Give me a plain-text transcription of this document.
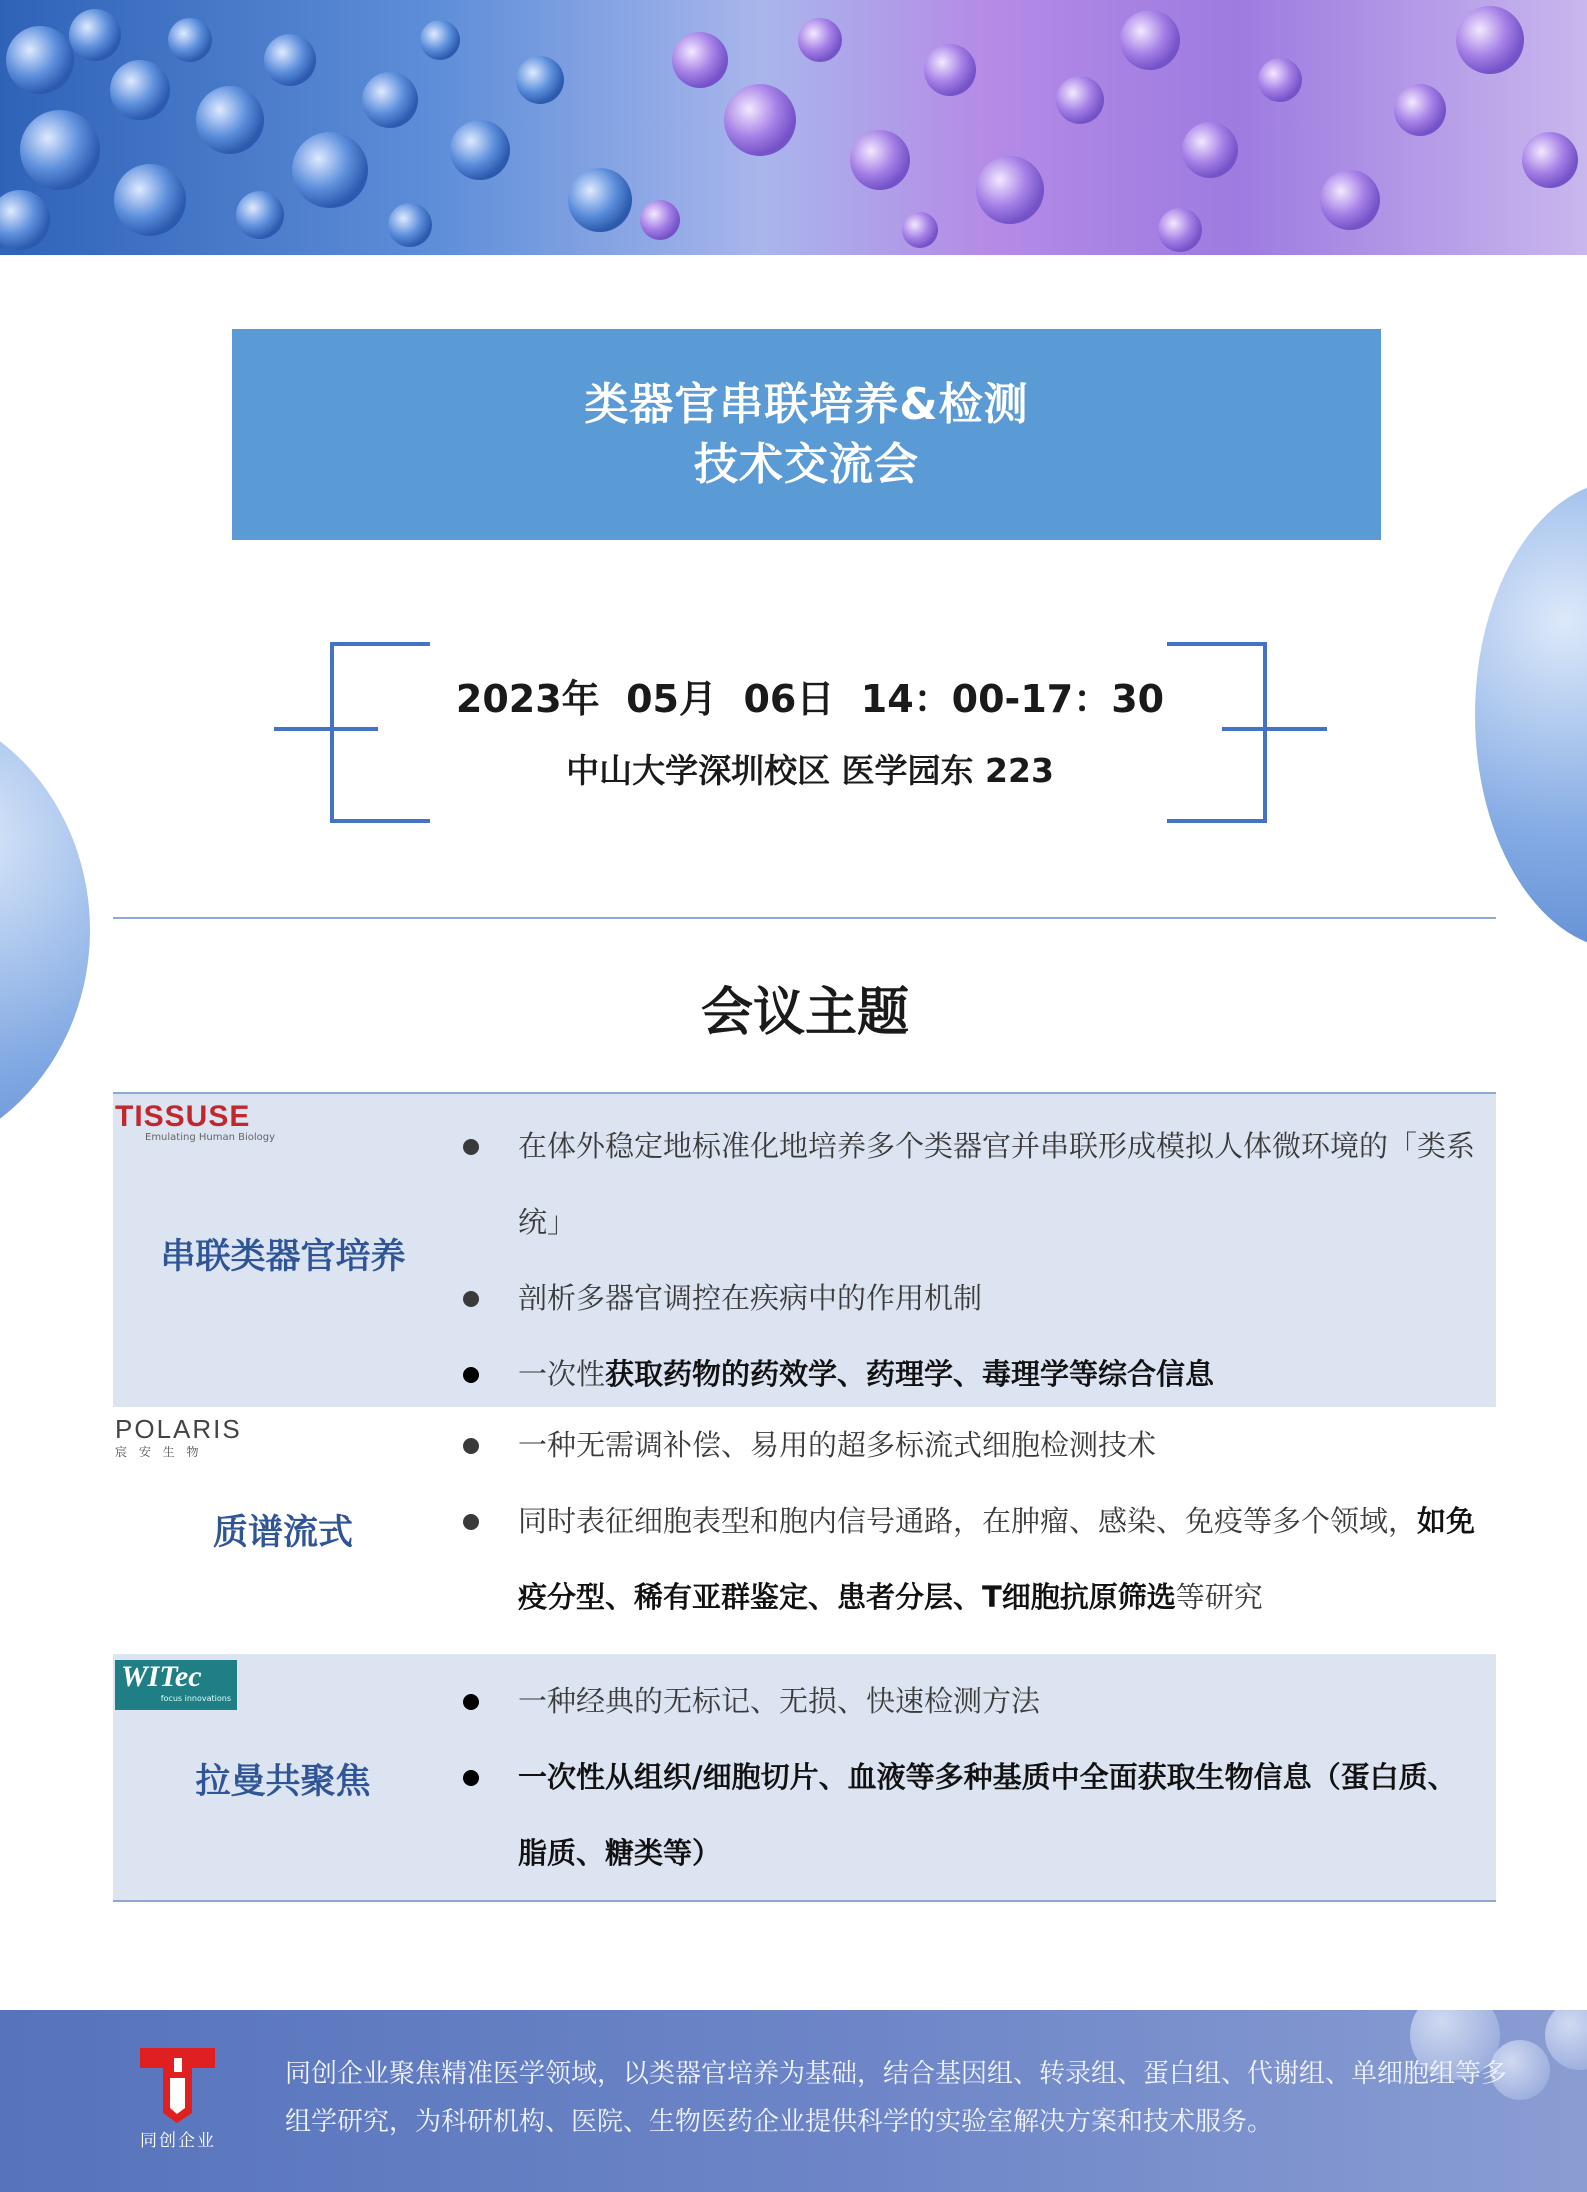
类器官串联培养&检测
技术交流会
2023年  05月  06日  14：00-17：30
中山大学深圳校区 医学园东 223
会议主题
TISSUSE
Emulating Human Biology
串联类器官培养
在体外稳定地标准化地培养多个类器官并串联形成模拟人体微环境的「类系统」
剖析多器官调控在疾病中的作用机制
一次性获取药物的药效学、药理学、毒理学等综合信息
POLARIS
宸 安 生 物
质谱流式
一种无需调补偿、易用的超多标流式细胞检测技术
同时表征细胞表型和胞内信号通路，在肿瘤、感染、免疫等多个领域，如免疫分型、稀有亚群鉴定、患者分层、T细胞抗原筛选等研究
WITec
focus innovations
拉曼共聚焦
一种经典的无标记、无损、快速检测方法
一次性从组织/细胞切片、血液等多种基质中全面获取生物信息（蛋白质、脂质、糖类等）
同创企业
同创企业聚焦精准医学领域，以类器官培养为基础，结合基因组、转录组、蛋白组、代谢组、单细胞组等多组学研究，为科研机构、医院、生物医药企业提供科学的实验室解决方案和技术服务。
